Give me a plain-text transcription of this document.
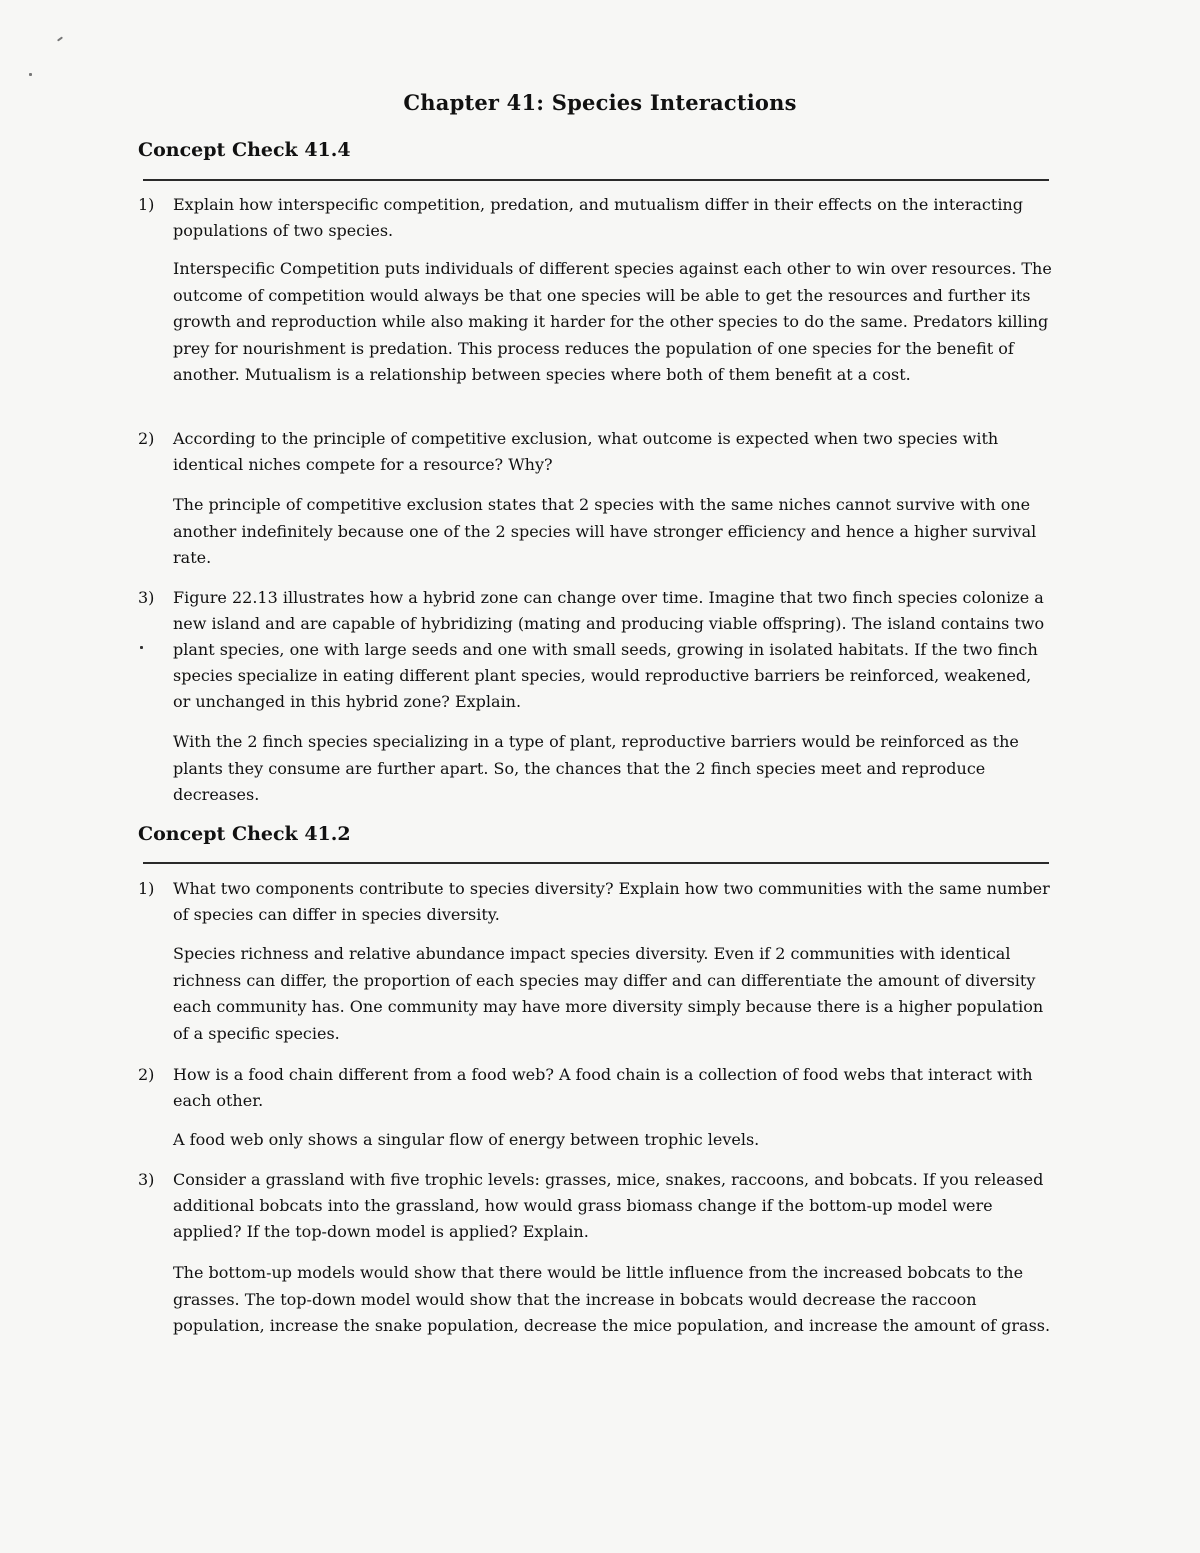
Chapter 41: Species Interactions
Concept Check 41.4
1)	Explain how interspecific competition, predation, and mutualism differ in their effects on the interacting populations of two species.
Interspecific Competition puts individuals of different species against each other to win over resources. The outcome of competition would always be that one species will be able to get the resources and further its growth and reproduction while also making it harder for the other species to do the same. Predators killing prey for nourishment is predation. This process reduces the population of one species for the benefit of another. Mutualism is a relationship between species where both of them benefit at a cost.
2)	According to the principle of competitive exclusion, what outcome is expected when two species with identical niches compete for a resource? Why?
The principle of competitive exclusion states that 2 species with the same niches cannot survive with one another indefinitely because one of the 2 species will have stronger efficiency and hence a higher survival rate.
3)	Figure 22.13 illustrates how a hybrid zone can change over time. Imagine that two finch species colonize a new island and are capable of hybridizing (mating and producing viable offspring). The island contains two plant species, one with large seeds and one with small seeds, growing in isolated habitats. If the two finch species specialize in eating different plant species, would reproductive barriers be reinforced, weakened, or unchanged in this hybrid zone? Explain.
With the 2 finch species specializing in a type of plant, reproductive barriers would be reinforced as the plants they consume are further apart. So, the chances that the 2 finch species meet and reproduce decreases.
Concept Check 41.2
1)	What two components contribute to species diversity? Explain how two communities with the same number of species can differ in species diversity.
Species richness and relative abundance impact species diversity. Even if 2 communities with identical richness can differ, the proportion of each species may differ and can differentiate the amount of diversity each community has. One community may have more diversity simply because there is a higher population of a specific species.
2)	How is a food chain different from a food web? A food chain is a collection of food webs that interact with each other.
A food web only shows a singular flow of energy between trophic levels.
3)	Consider a grassland with five trophic levels: grasses, mice, snakes, raccoons, and bobcats. If you released additional bobcats into the grassland, how would grass biomass change if the bottom-up model were applied? If the top-down model is applied? Explain.
The bottom-up models would show that there would be little influence from the increased bobcats to the grasses. The top-down model would show that the increase in bobcats would decrease the raccoon population, increase the snake population, decrease the mice population, and increase the amount of grass.
